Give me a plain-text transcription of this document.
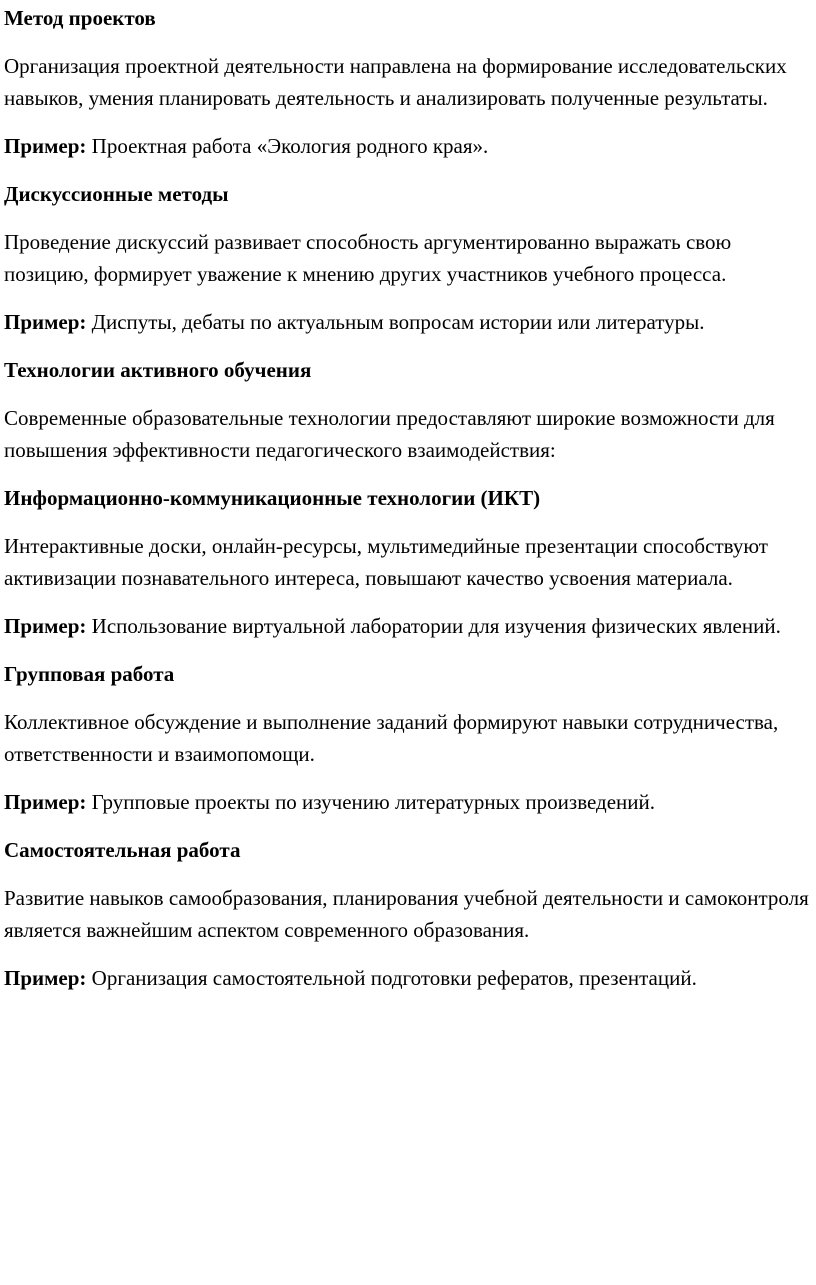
Метод проектов
Организация проектной деятельности направлена на формирование исследовательских навыков, умения планировать деятельность и анализировать полученные результаты.
Пример: Проектная работа «Экология родного края».
Дискуссионные методы
Проведение дискуссий развивает способность аргументированно выражать свою позицию, формирует уважение к мнению других участников учебного процесса.
Пример: Диспуты, дебаты по актуальным вопросам истории или литературы.
Технологии активного обучения
Современные образовательные технологии предоставляют широкие возможности для повышения эффективности педагогического взаимодействия:
Информационно-коммуникационные технологии (ИКТ)
Интерактивные доски, онлайн-ресурсы, мультимедийные презентации способствуют активизации познавательного интереса, повышают качество усвоения материала.
Пример: Использование виртуальной лаборатории для изучения физических явлений.
Групповая работа
Коллективное обсуждение и выполнение заданий формируют навыки сотрудничества, ответственности и взаимопомощи.
Пример: Групповые проекты по изучению литературных произведений.
Самостоятельная работа
Развитие навыков самообразования, планирования учебной деятельности и самоконтроля является важнейшим аспектом современного образования.
Пример: Организация самостоятельной подготовки рефератов, презентаций.
